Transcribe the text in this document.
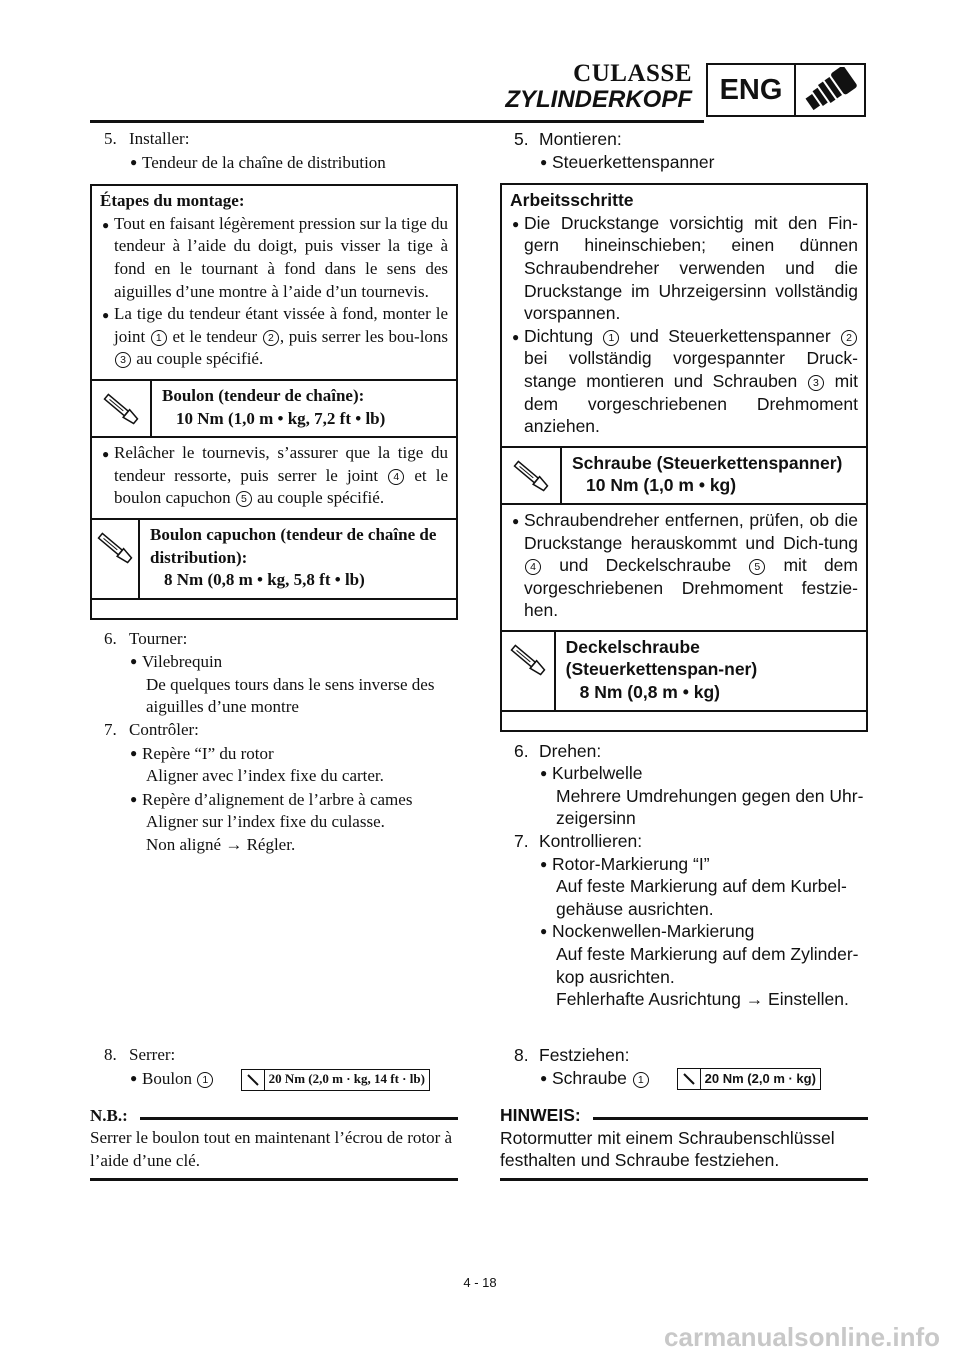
CULASSE
ZYLINDERKOPF ENG
5. Installer:
● Tendeur de la chaîne de distribution
Étapes du montage:
● Tout en faisant légèrement pression sur la tige du tendeur à l’aide du doigt, puis visser la tige à fond en le tournant à fond dans le sens des aiguilles d’une montre à l’aide d’un tournevis.
● La tige du tendeur étant vissée à fond, monter le joint 1 et le tendeur 2 , puis serrer les bou-lons 3 au couple spécifié.
Boulon (tendeur de chaîne):
10 Nm (1,0 m • kg, 7,2 ft • lb)
● Relâcher le tournevis, s’assurer que la tige du tendeur ressorte, puis serrer le joint 4 et le boulon capuchon 5 au couple spécifié.
Boulon capuchon (tendeur de chaîne de distribution):
8 Nm (0,8 m • kg, 5,8 ft • lb)
6. Tourner:
● Vilebrequin
De quelques tours dans le sens inverse des aiguilles d’une montre
7. Contrôler:
● Repère “I” du rotor
Aligner avec l’index fixe du carter.
● Repère d’alignement de l’arbre à cames
Aligner sur l’index fixe du culasse.
Non aligné → Régler.
8. Serrer:
● Boulon 1	20 Nm (2,0 m · kg, 14 ft · lb)
N.B.:
Serrer le boulon tout en maintenant l’écrou de rotor à l’aide d’une clé.
5. Montieren:
● Steuerkettenspanner
Arbeitsschritte
● Die Druckstange vorsichtig mit den Fin-gern hineinschieben; einen dünnen Schraubendreher verwenden und die Druckstange im Uhrzeigersinn vollständig vorspannen.
● Dichtung 1 und Steuerkettenspanner 2 bei vollständig vorgespannter Druck-stange montieren und Schrauben 3 mit dem vorgeschriebenen Drehmoment anziehen.
Schraube (Steuerkettenspanner)
10 Nm (1,0 m • kg)
● Schraubendreher entfernen, prüfen, ob die Druckstange herauskommt und Dich-tung 4 und Deckelschraube 5 mit dem vorgeschriebenen Drehmoment festzie-hen.
Deckelschraube (Steuerkettenspan-ner)
8 Nm (0,8 m • kg)
6. Drehen:
● Kurbelwelle
Mehrere Umdrehungen gegen den Uhr-zeigersinn
7. Kontrollieren:
● Rotor-Markierung “I”
Auf feste Markierung auf dem Kurbel-gehäuse ausrichten.
● Nockenwellen-Markierung
Auf feste Markierung auf dem Zylinder-kop ausrichten.
Fehlerhafte Ausrichtung → Einstellen.
8. Festziehen:
● Schraube 1	20 Nm (2,0 m · kg)
HINWEIS:
Rotormutter mit einem Schraubenschlüssel festhalten und Schraube festziehen.
4 - 18
carmanualsonline.info
